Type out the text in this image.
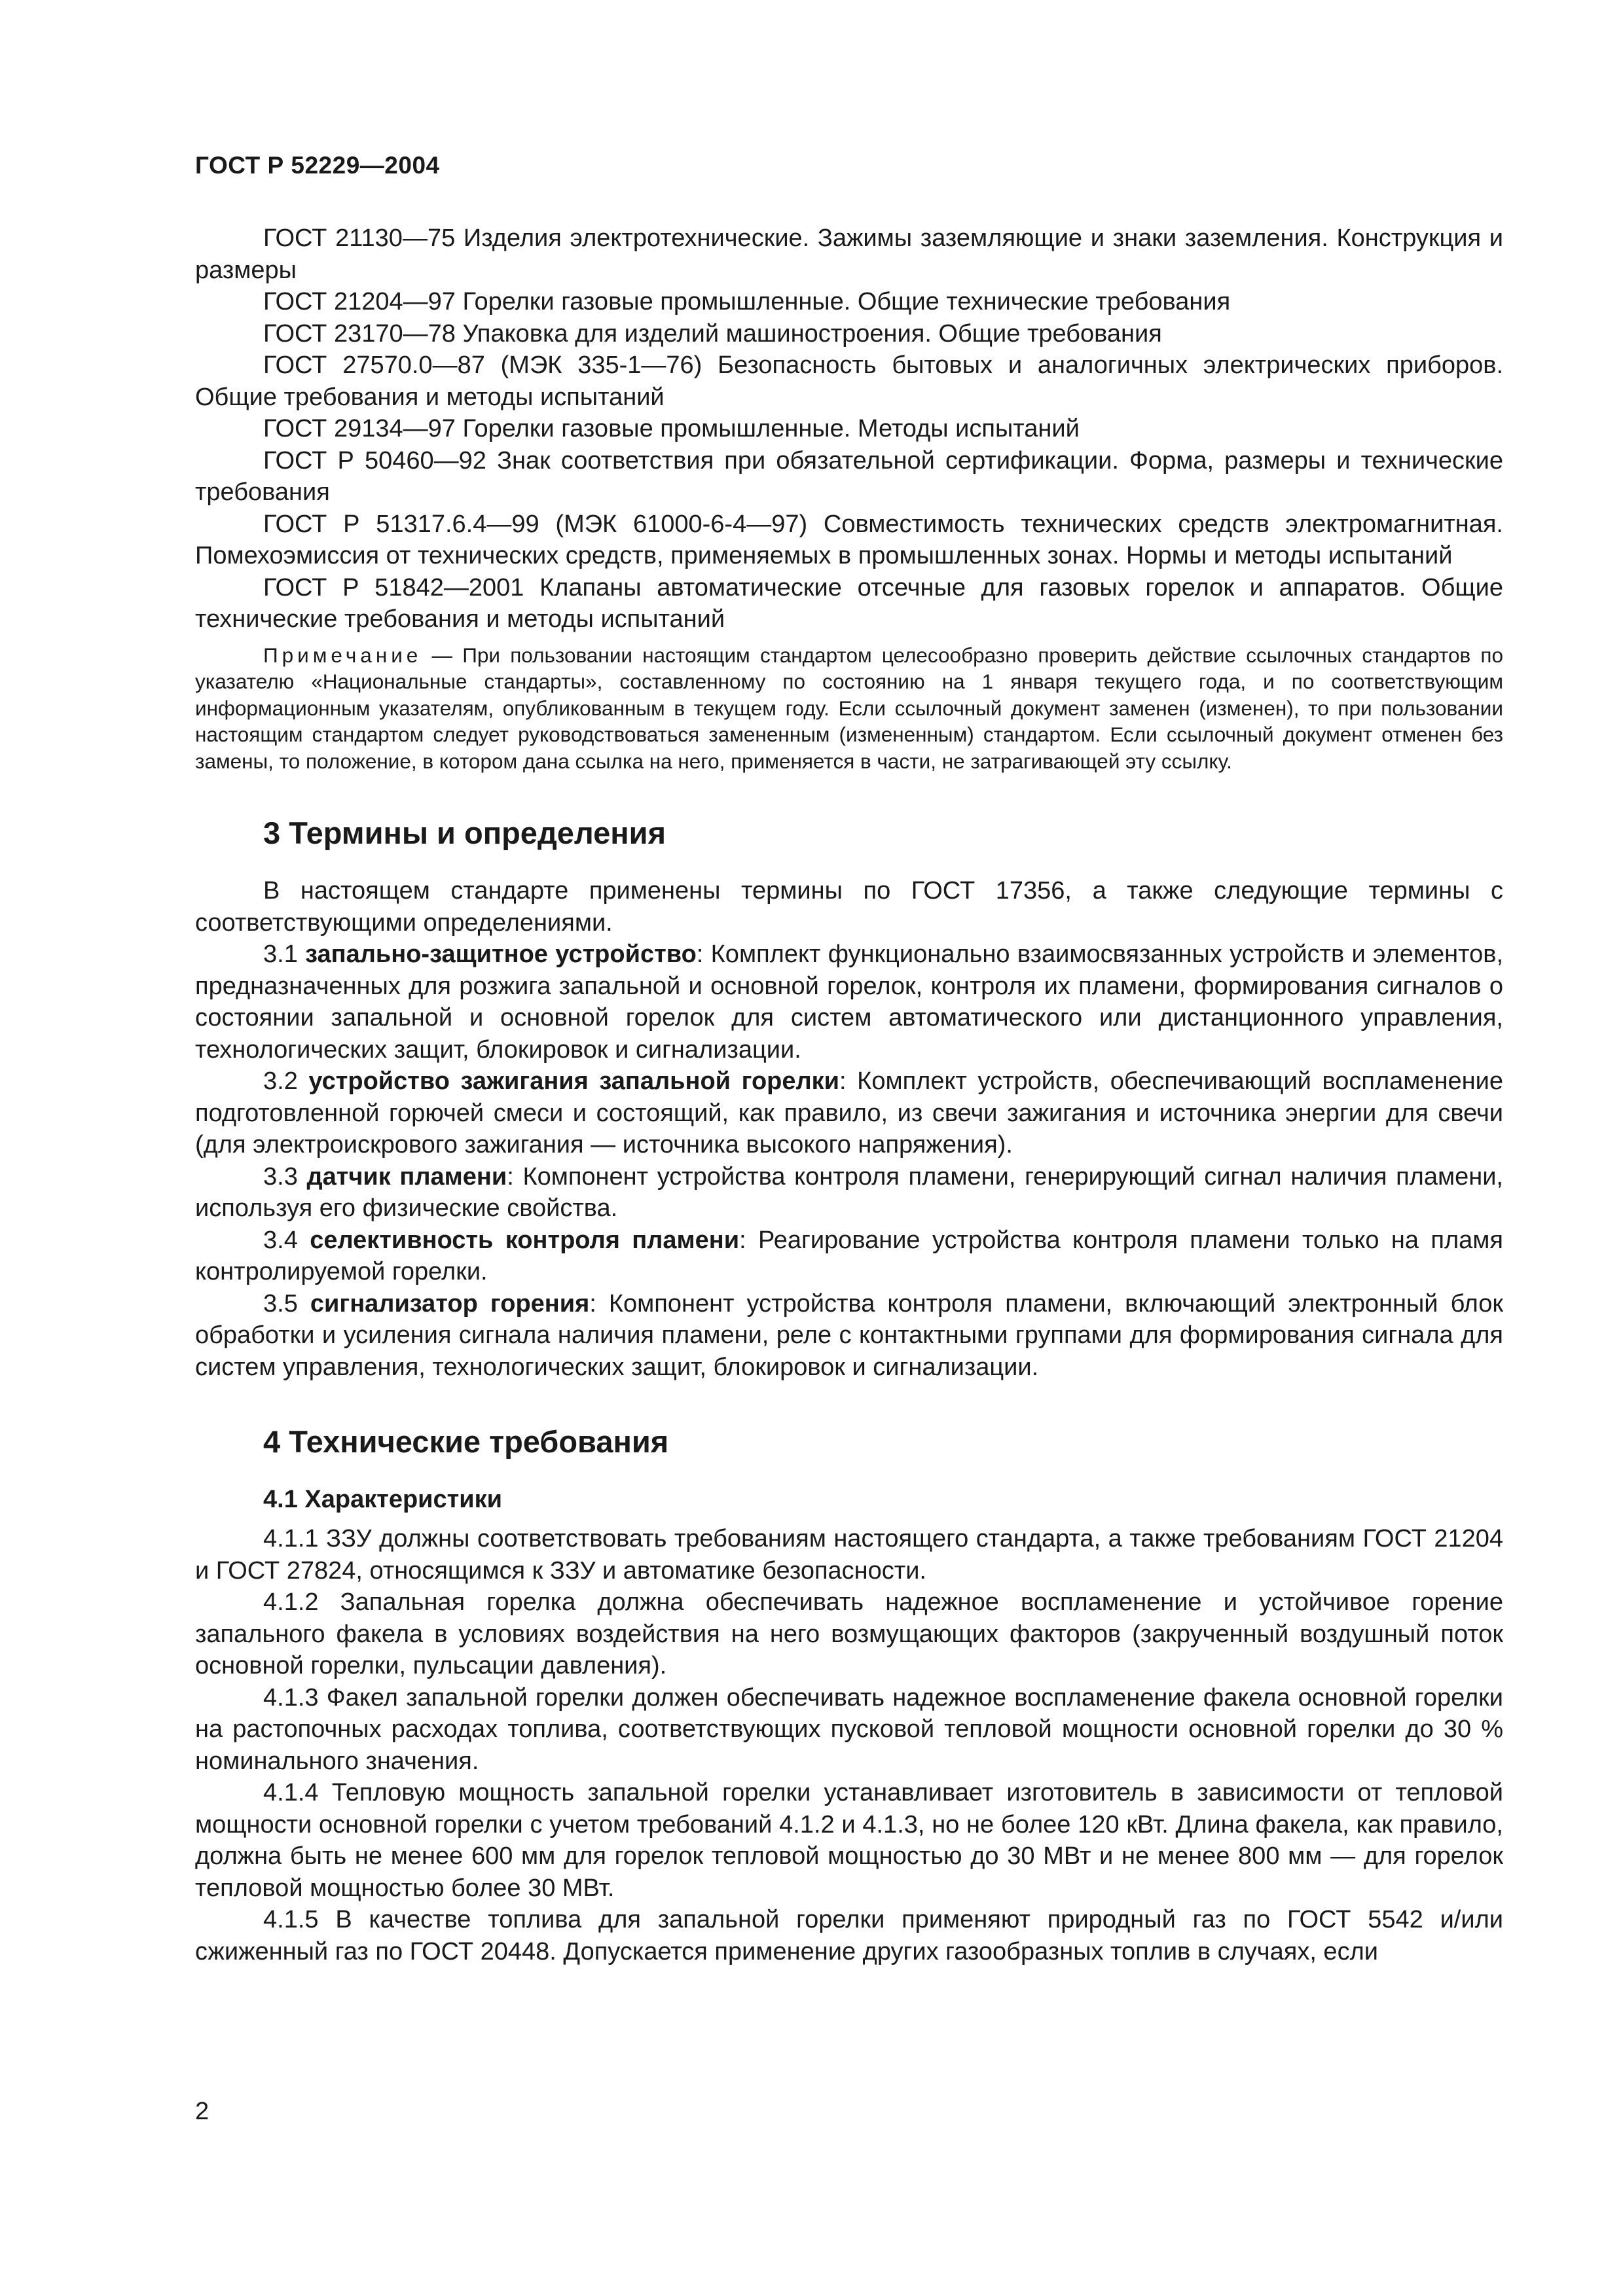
ГОСТ Р 52229—2004

ГОСТ 21130—75 Изделия электротехнические. Зажимы заземляющие и знаки заземления. Конструкция и размеры

ГОСТ 21204—97 Горелки газовые промышленные. Общие технические требования

ГОСТ 23170—78 Упаковка для изделий машиностроения. Общие требования

ГОСТ 27570.0—87 (МЭК 335-1—76) Безопасность бытовых и аналогичных электрических приборов. Общие требования и методы испытаний

ГОСТ 29134—97 Горелки газовые промышленные. Методы испытаний

ГОСТ Р 50460—92 Знак соответствия при обязательной сертификации. Форма, размеры и технические требования

ГОСТ Р 51317.6.4—99 (МЭК 61000-6-4—97) Совместимость технических средств электромагнитная. Помехоэмиссия от технических средств, применяемых в промышленных зонах. Нормы и методы испытаний

ГОСТ Р 51842—2001 Клапаны автоматические отсечные для газовых горелок и аппаратов. Общие технические требования и методы испытаний

Примечание — При пользовании настоящим стандартом целесообразно проверить действие ссылочных стандартов по указателю «Национальные стандарты», составленному по состоянию на 1 января текущего года, и по соответствующим информационным указателям, опубликованным в текущем году. Если ссылочный документ заменен (изменен), то при пользовании настоящим стандартом следует руководствоваться замененным (измененным) стандартом. Если ссылочный документ отменен без замены, то положение, в котором дана ссылка на него, применяется в части, не затрагивающей эту ссылку.
3 Термины и определения

В настоящем стандарте применены термины по ГОСТ 17356, а также следующие термины с соответствующими определениями.

3.1 запально-защитное устройство: Комплект функционально взаимосвязанных устройств и элементов, предназначенных для розжига запальной и основной горелок, контроля их пламени, формирования сигналов о состоянии запальной и основной горелок для систем автоматического или дистанционного управления, технологических защит, блокировок и сигнализации.

3.2 устройство зажигания запальной горелки: Комплект устройств, обеспечивающий воспламенение подготовленной горючей смеси и состоящий, как правило, из свечи зажигания и источника энергии для свечи (для электроискрового зажигания — источника высокого напряжения).

3.3 датчик пламени: Компонент устройства контроля пламени, генерирующий сигнал наличия пламени, используя его физические свойства.

3.4 селективность контроля пламени: Реагирование устройства контроля пламени только на пламя контролируемой горелки.

3.5 сигнализатор горения: Компонент устройства контроля пламени, включающий электронный блок обработки и усиления сигнала наличия пламени, реле с контактными группами для формирования сигнала для систем управления, технологических защит, блокировок и сигнализации.

4 Технические требования
4.1 Характеристики

4.1.1 ЗЗУ должны соответствовать требованиям настоящего стандарта, а также требованиям ГОСТ 21204 и ГОСТ 27824, относящимся к ЗЗУ и автоматике безопасности.

4.1.2 Запальная горелка должна обеспечивать надежное воспламенение и устойчивое горение запального факела в условиях воздействия на него возмущающих факторов (закрученный воздушный поток основной горелки, пульсации давления).

4.1.3 Факел запальной горелки должен обеспечивать надежное воспламенение факела основной горелки на растопочных расходах топлива, соответствующих пусковой тепловой мощности основной горелки до 30 % номинального значения.

4.1.4 Тепловую мощность запальной горелки устанавливает изготовитель в зависимости от тепловой мощности основной горелки с учетом требований 4.1.2 и 4.1.3, но не более 120 кВт. Длина факела, как правило, должна быть не менее 600 мм для горелок тепловой мощностью до 30 МВт и не менее 800 мм — для горелок тепловой мощностью более 30 МВт.

4.1.5 В качестве топлива для запальной горелки применяют природный газ по ГОСТ 5542 и/или сжиженный газ по ГОСТ 20448. Допускается применение других газообразных топлив в случаях, если

2
